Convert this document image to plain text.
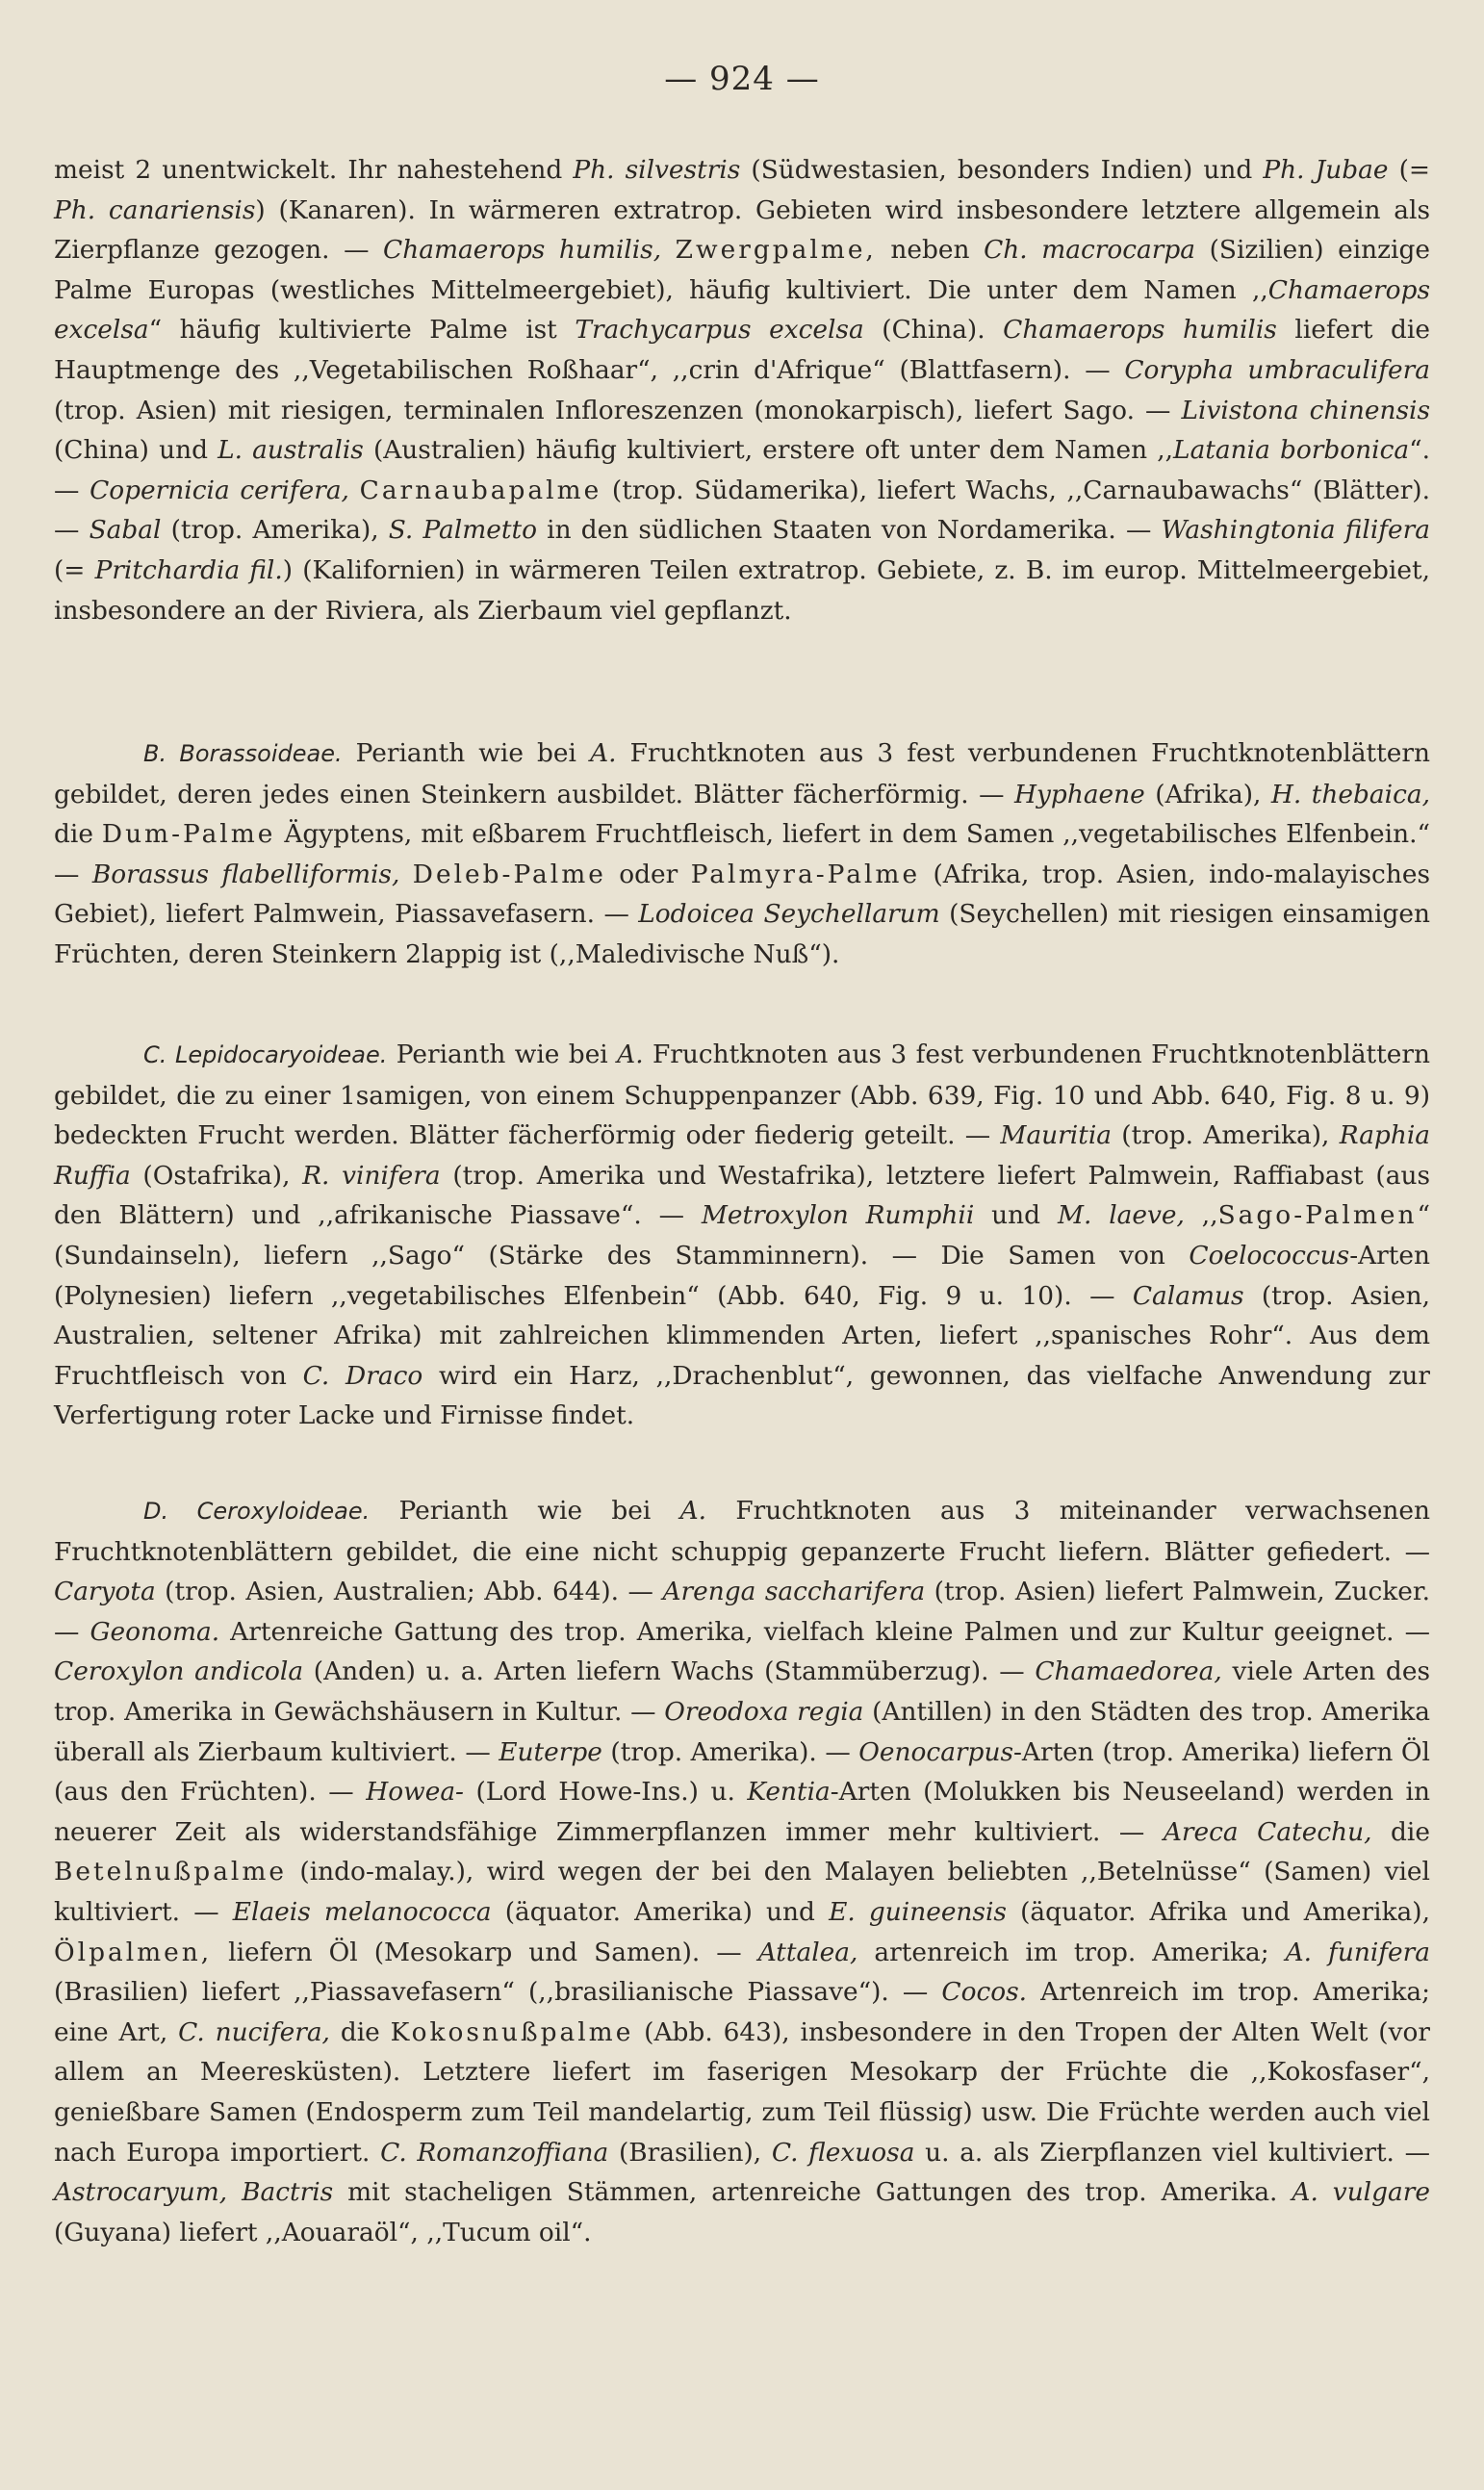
— 924 —
meist 2 unentwickelt. Ihr nahestehend Ph. silvestris (Südwestasien, besonders Indien) und Ph. Jubae (= Ph. canariensis) (Kanaren). In wärmeren extratrop. Gebieten wird insbesondere letztere allgemein als Zierpflanze gezogen. — Chamaerops humilis, Zwergpalme, neben Ch. macrocarpa (Sizilien) einzige Palme Europas (westliches Mittelmeergebiet), häufig kultiviert. Die unter dem Namen ,,Chamaerops excelsa“ häufig kultivierte Palme ist Trachycarpus excelsa (China). Chamaerops humilis liefert die Hauptmenge des ,,Vegetabilischen Roßhaar“, ,,crin d'Afrique“ (Blattfasern). — Corypha umbraculifera (trop. Asien) mit riesigen, terminalen Infloreszenzen (monokarpisch), liefert Sago. — Livistona chinensis (China) und L. australis (Australien) häufig kultiviert, erstere oft unter dem Namen ,,Latania borbonica“. — Copernicia cerifera, Carnaubapalme (trop. Südamerika), liefert Wachs, ,,Carnaubawachs“ (Blätter). — Sabal (trop. Amerika), S. Palmetto in den südlichen Staaten von Nordamerika. — Washingtonia filifera (= Pritchardia fil.) (Kalifornien) in wärmeren Teilen extratrop. Gebiete, z. B. im europ. Mittelmeergebiet, insbesondere an der Riviera, als Zierbaum viel gepflanzt.
B. Borassoideae. Perianth wie bei A. Fruchtknoten aus 3 fest verbundenen Fruchtknotenblättern gebildet, deren jedes einen Steinkern ausbildet. Blätter fächerförmig. — Hyphaene (Afrika), H. thebaica, die Dum-Palme Ägyptens, mit eßbarem Fruchtfleisch, liefert in dem Samen ,,vegetabilisches Elfenbein.“ — Borassus flabelliformis, Deleb-Palme oder Palmyra-Palme (Afrika, trop. Asien, indo-malayisches Gebiet), liefert Palmwein, Piassavefasern. — Lodoicea Seychellarum (Seychellen) mit riesigen einsamigen Früchten, deren Steinkern 2lappig ist (,,Maledivische Nuß“).
C. Lepidocaryoideae. Perianth wie bei A. Fruchtknoten aus 3 fest verbundenen Fruchtknotenblättern gebildet, die zu einer 1samigen, von einem Schuppenpanzer (Abb. 639, Fig. 10 und Abb. 640, Fig. 8 u. 9) bedeckten Frucht werden. Blätter fächerförmig oder fiederig geteilt. — Mauritia (trop. Amerika), Raphia Ruffia (Ostafrika), R. vinifera (trop. Amerika und Westafrika), letztere liefert Palmwein, Raffiabast (aus den Blättern) und ,,afrikanische Piassave“. — Metroxylon Rumphii und M. laeve, ,,Sago-Palmen“ (Sundainseln), liefern ,,Sago“ (Stärke des Stamminnern). — Die Samen von Coelococcus-Arten (Polynesien) liefern ,,vegetabilisches Elfenbein“ (Abb. 640, Fig. 9 u. 10). — Calamus (trop. Asien, Australien, seltener Afrika) mit zahlreichen klimmenden Arten, liefert ,,spanisches Rohr“. Aus dem Fruchtfleisch von C. Draco wird ein Harz, ,,Drachenblut“, gewonnen, das vielfache Anwendung zur Verfertigung roter Lacke und Firnisse findet.
D. Ceroxyloideae. Perianth wie bei A. Fruchtknoten aus 3 miteinander verwachsenen Fruchtknotenblättern gebildet, die eine nicht schuppig gepanzerte Frucht liefern. Blätter gefiedert. — Caryota (trop. Asien, Australien; Abb. 644). — Arenga saccharifera (trop. Asien) liefert Palmwein, Zucker. — Geonoma. Artenreiche Gattung des trop. Amerika, vielfach kleine Palmen und zur Kultur geeignet. — Ceroxylon andicola (Anden) u. a. Arten liefern Wachs (Stammüberzug). — Chamaedorea, viele Arten des trop. Amerika in Gewächshäusern in Kultur. — Oreodoxa regia (Antillen) in den Städten des trop. Amerika überall als Zierbaum kultiviert. — Euterpe (trop. Amerika). — Oenocarpus-Arten (trop. Amerika) liefern Öl (aus den Früchten). — Howea- (Lord Howe-Ins.) u. Kentia-Arten (Molukken bis Neuseeland) werden in neuerer Zeit als widerstandsfähige Zimmerpflanzen immer mehr kultiviert. — Areca Catechu, die Betelnußpalme (indo-malay.), wird wegen der bei den Malayen beliebten ,,Betelnüsse“ (Samen) viel kultiviert. — Elaeis melanococca (äquator. Amerika) und E. guineensis (äquator. Afrika und Amerika), Ölpalmen, liefern Öl (Mesokarp und Samen). — Attalea, artenreich im trop. Amerika; A. funifera (Brasilien) liefert ,,Piassavefasern“ (,,brasilianische Piassave“). — Cocos. Artenreich im trop. Amerika; eine Art, C. nucifera, die Kokosnußpalme (Abb. 643), insbesondere in den Tropen der Alten Welt (vor allem an Meeresküsten). Letztere liefert im faserigen Mesokarp der Früchte die ,,Kokosfaser“, genießbare Samen (Endosperm zum Teil mandelartig, zum Teil flüssig) usw. Die Früchte werden auch viel nach Europa importiert. C. Romanzoffiana (Brasilien), C. flexuosa u. a. als Zierpflanzen viel kultiviert. — Astrocaryum, Bactris mit stacheligen Stämmen, artenreiche Gattungen des trop. Amerika. A. vulgare (Guyana) liefert ,,Aouaraöl“, ,,Tucum oil“.
